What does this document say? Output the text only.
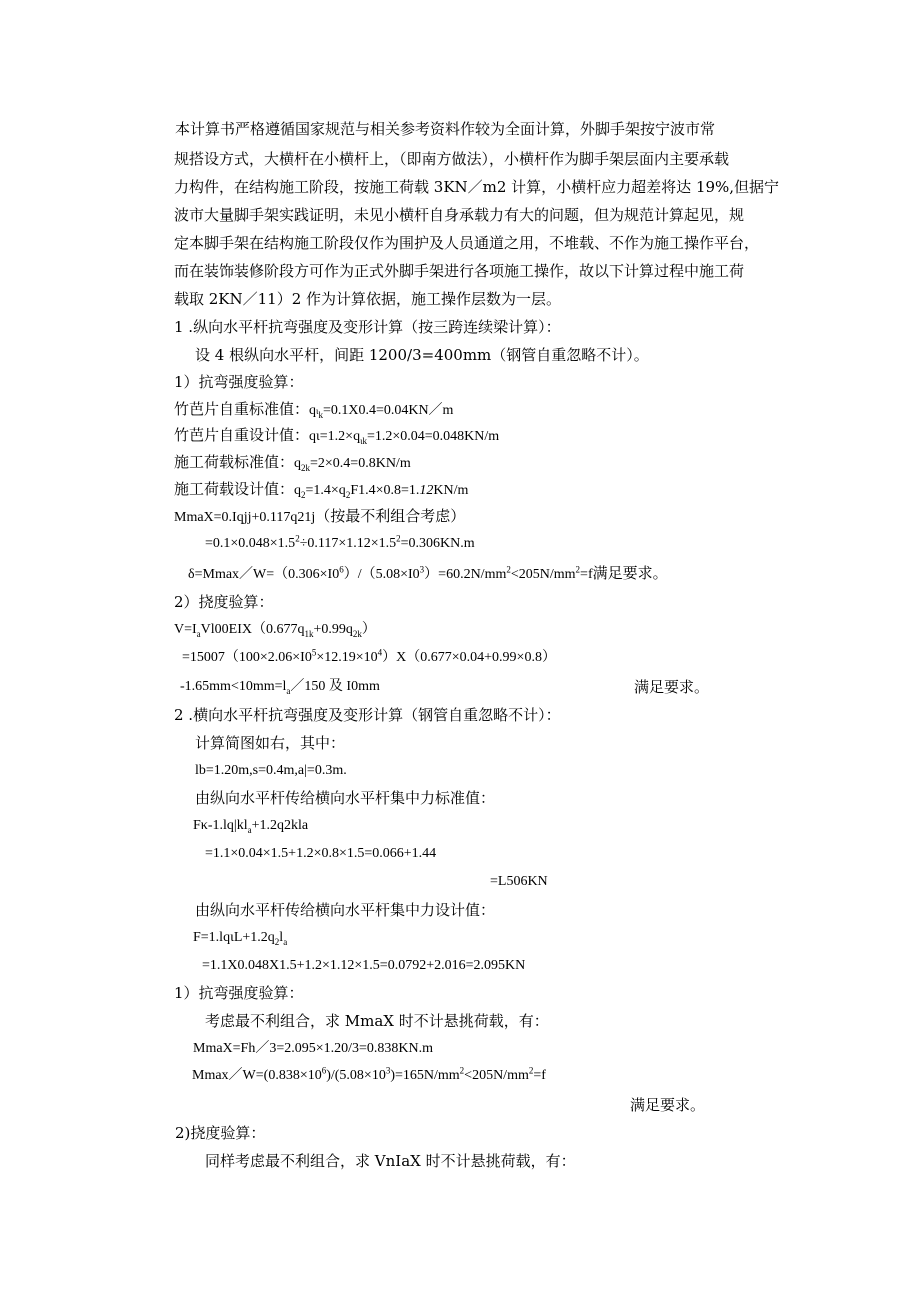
本计算书严格遵循国家规范与相关参考资料作较为全面计算，外脚手架按宁波市常
规搭设方式，大横杆在小横杆上，（即南方做法），小横杆作为脚手架层面内主要承载
力构件，在结构施工阶段，按施工荷载 3KN／m2 计算，小横杆应力超差将达 19%,但据宁
波市大量脚手架实践证明，未见小横杆自身承载力有大的问题，但为规范计算起见，规
定本脚手架在结构施工阶段仅作为围护及人员通道之用，不堆载、不作为施工操作平台，
而在装饰装修阶段方可作为正式外脚手架进行各项施工操作，故以下计算过程中施工荷
载取 2KN／11）2 作为计算依据，施工操作层数为一层。
1 .纵向水平杆抗弯强度及变形计算（按三跨连续梁计算）：
设 4 根纵向水平杆，间距 1200/3=400mm（钢管自重忽略不计）。
1）抗弯强度验算：
竹芭片自重标准值：$q\iota_k=0.1X0.4=0.04KN/m$
竹芭片自重设计值：$q\iota=1.2\times q_{\iota k}=1.2\times 0.04=0.048KN/m$
施工荷载标准值：$q_{2k}=2\times 0.4=0.8KN/m$
施工荷载设计值：$q_2=1.4\times q_2F1.4\times 0.8=1.12KN/m$
MmaX=0.Iqjj+0.117q21j（按最不利组合考虑）
$=0.1\times 0.048\times 1.5^2\div 0.117\times 1.12\times 1.5^2=0.306KN.m$
$\delta=Mmax/W=(0.306\times I0^6)/(5.08\times I0^3)=60.2N/mm^2<205N/mm^2=f$满足要求。
2）挠度验算：
$V=I_aVl00EIX(0.677q_{1k}+0.99q_{2k})$
$=15007(100\times 2.06\times I0^5\times 12.19\times 10^4)X(0.677\times 0.04+0.99\times 0.8)$
$-1.65mm<10mm=l_a/150$ 及 I0mm	满足要求。
2 .横向水平杆抗弯强度及变形计算（钢管自重忽略不计）：
计算简图如右，其中：
lb=1.20m,s=0.4m,a|=0.3m.
由纵向水平杆传给横向水平杆集中力标准值：
$F\kappa-1.lq|kl_a+1.2q2kla$
=1.1×0.04×1.5+1.2×0.8×1.5=0.066+1.44
=L506KN
由纵向水平杆传给横向水平杆集中力设计值：
$F=1.lq\iota L+1.2q_2l_a$
=1.1X0.048X1.5+1.2×1.12×1.5=0.0792+2.016=2.095KN
1）抗弯强度验算：
考虑最不利组合，求 MmaX 时不计悬挑荷载，有：
MmaX=Fh／3=2.095×1.20/3=0.838KN.m
$Mmax/W=(0.838\times 10^6)/(5.08\times 10^3)=165N/mm^2<205N/mm^2=f$
满足要求。
2)挠度验算：
同样考虑最不利组合，求 VnIaX 时不计悬挑荷载，有：
